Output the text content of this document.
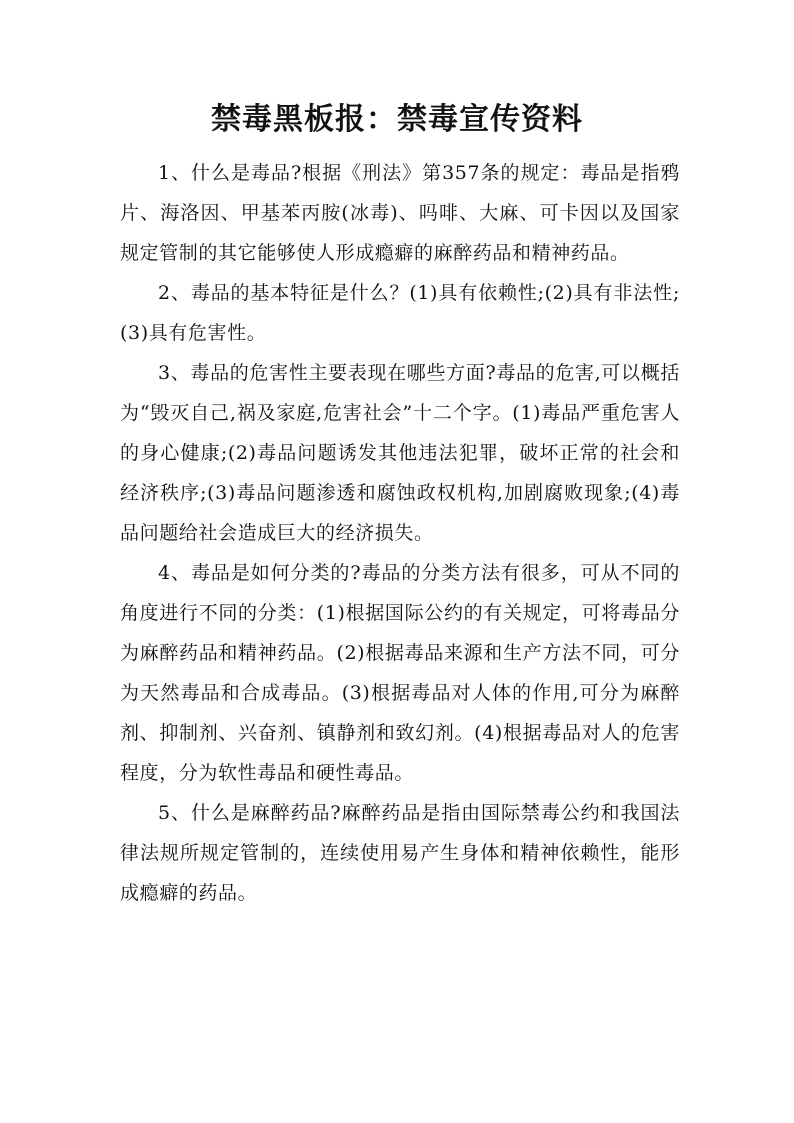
禁毒黑板报：禁毒宣传资料

1、什么是毒品?根据《刑法》第357条的规定：毒品是指鸦片、海洛因、甲基苯丙胺(冰毒)、吗啡、大麻、可卡因以及国家规定管制的其它能够使人形成瘾癖的麻醉药品和精神药品。

2、毒品的基本特征是什么？(1)具有依赖性;(2)具有非法性;(3)具有危害性。

3、毒品的危害性主要表现在哪些方面?毒品的危害,可以概括为“毁灭自己,祸及家庭,危害社会”十二个字。(1)毒品严重危害人的身心健康;(2)毒品问题诱发其他违法犯罪，破坏正常的社会和经济秩序;(3)毒品问题渗透和腐蚀政权机构,加剧腐败现象;(4)毒品问题给社会造成巨大的经济损失。

4、毒品是如何分类的?毒品的分类方法有很多，可从不同的角度进行不同的分类：(1)根据国际公约的有关规定，可将毒品分为麻醉药品和精神药品。(2)根据毒品来源和生产方法不同，可分为天然毒品和合成毒品。(3)根据毒品对人体的作用,可分为麻醉剂、抑制剂、兴奋剂、镇静剂和致幻剂。(4)根据毒品对人的危害程度，分为软性毒品和硬性毒品。

5、什么是麻醉药品?麻醉药品是指由国际禁毒公约和我国法律法规所规定管制的，连续使用易产生身体和精神依赖性，能形成瘾癖的药品。
